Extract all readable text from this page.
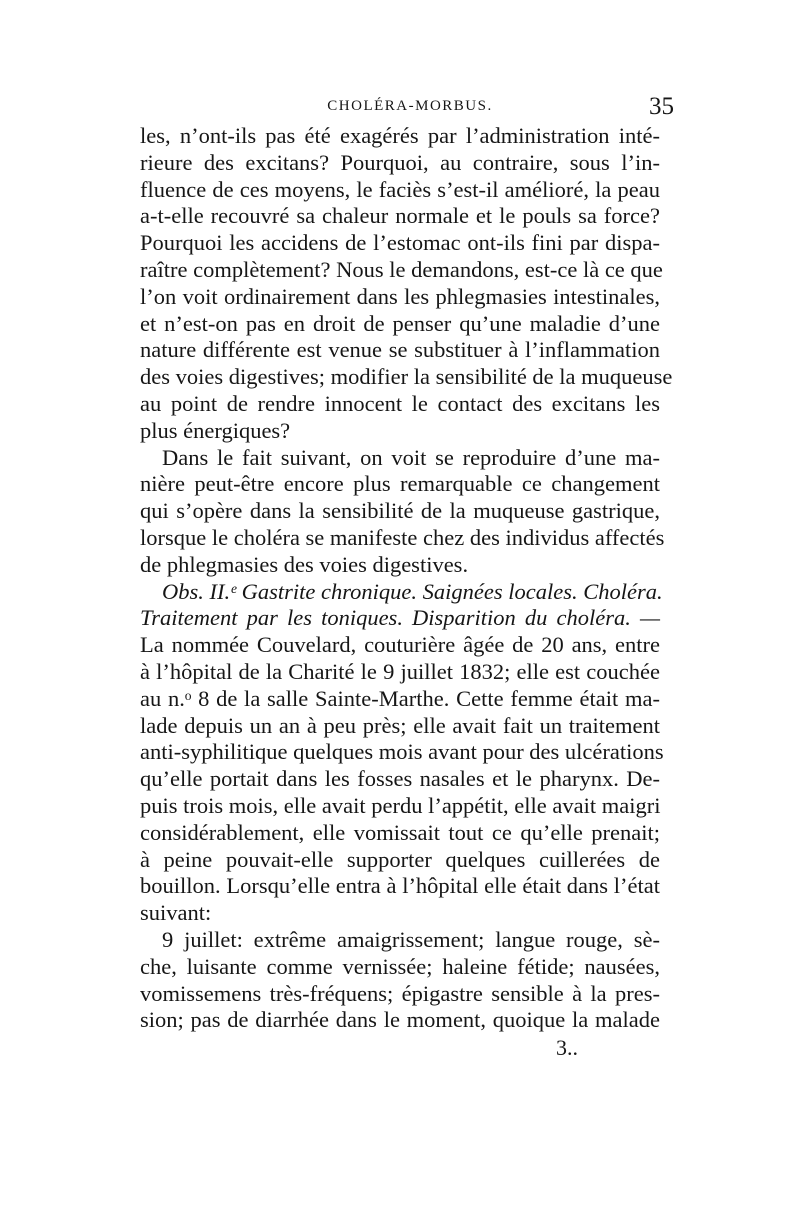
CHOLÉRA-MORBUS.	35
les, n’ont-ils pas été exagérés par l’administration inté-
rieure des excitans? Pourquoi, au contraire, sous l’in-
fluence de ces moyens, le faciès s’est-il amélioré, la peau
a-t-elle recouvré sa chaleur normale et le pouls sa force?
Pourquoi les accidens de l’estomac ont-ils fini par dispa-
raître complètement? Nous le demandons, est-ce là ce que
l’on voit ordinairement dans les phlegmasies intestinales,
et n’est-on pas en droit de penser qu’une maladie d’une
nature différente est venue se substituer à l’inflammation
des voies digestives; modifier la sensibilité de la muqueuse
au point de rendre innocent le contact des excitans les
plus énergiques?
Dans le fait suivant, on voit se reproduire d’une ma-
nière peut-être encore plus remarquable ce changement
qui s’opère dans la sensibilité de la muqueuse gastrique,
lorsque le choléra se manifeste chez des individus affectés
de phlegmasies des voies digestives.
Obs. II.ᵉ Gastrite chronique. Saignées locales. Choléra.
Traitement par les toniques. Disparition du choléra. —
La nommée Couvelard, couturière âgée de 20 ans, entre
à l’hôpital de la Charité le 9 juillet 1832; elle est couchée
au n.ᵒ 8 de la salle Sainte-Marthe. Cette femme était ma-
lade depuis un an à peu près; elle avait fait un traitement
anti-syphilitique quelques mois avant pour des ulcérations
qu’elle portait dans les fosses nasales et le pharynx. De-
puis trois mois, elle avait perdu l’appétit, elle avait maigri
considérablement, elle vomissait tout ce qu’elle prenait;
à peine pouvait-elle supporter quelques cuillerées de
bouillon. Lorsqu’elle entra à l’hôpital elle était dans l’état
suivant:
9 juillet: extrême amaigrissement; langue rouge, sè-
che, luisante comme vernissée; haleine fétide; nausées,
vomissemens très-fréquens; épigastre sensible à la pres-
sion; pas de diarrhée dans le moment, quoique la malade
3..
